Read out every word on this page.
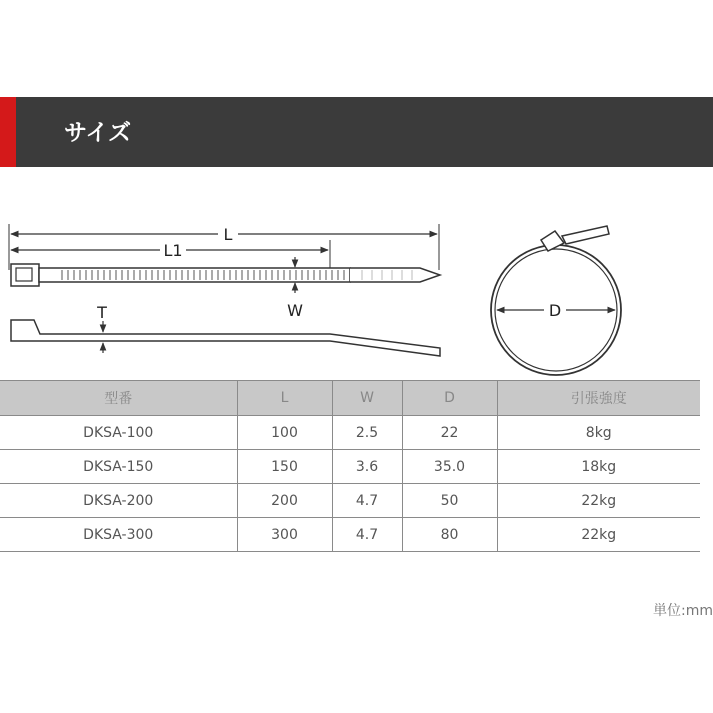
サイズ
L
L1
W
T	D
型番	L	W	D	引張強度
DKSA-100	100	2.5	22	8kg
DKSA-150	150	3.6	35.0	18kg
DKSA-200	200	4.7	50	22kg
DKSA-300	300	4.7	80	22kg
単位:mm
